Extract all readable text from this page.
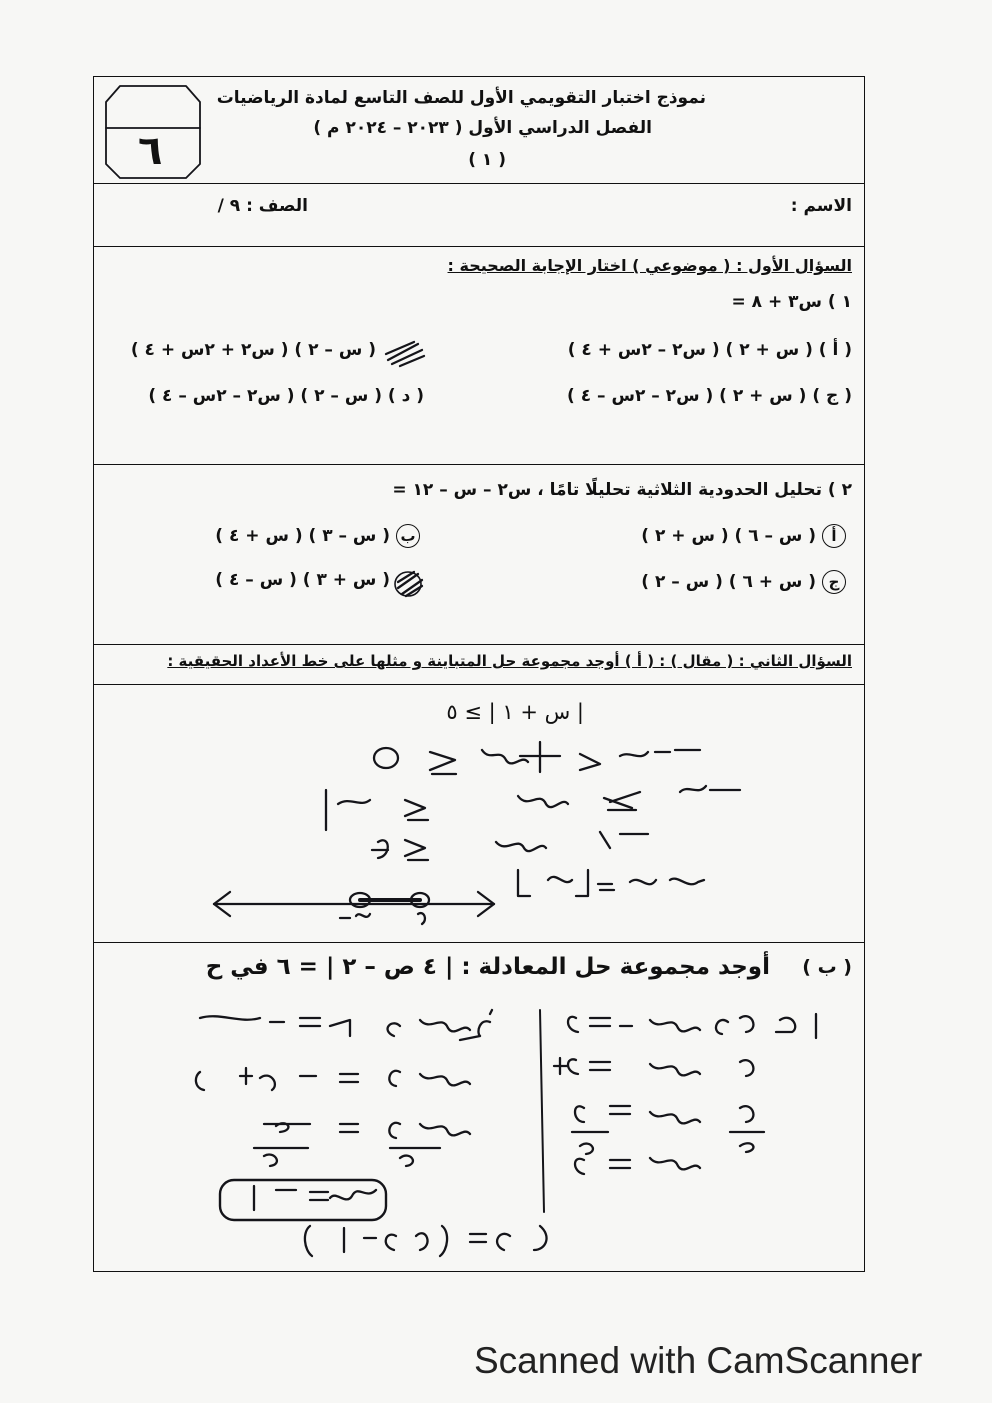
٦
نموذج اختبار التقويمي الأول للصف التاسع لمادة الرياضيات
الفصل الدراسي الأول ( ٢٠٢٣ – ٢٠٢٤ م )
( ١ )
الاسم :
الصف : ٩ /
السؤال الأول : ( موضوعي ) اختار الإجابة الصحيحة :
١ ) س٣ + ٨ =
( أ ) ( س + ٢ ) ( س٢ – ٢س + ٤ )
( س – ٢ ) ( س٢ + ٢س + ٤ )
( ج ) ( س + ٢ ) ( س٢ – ٢س – ٤ )
( د ) ( س – ٢ ) ( س٢ – ٢س – ٤ )
٢ ) تحليل الحدودية الثلاثية تحليلًا تامًا ، س٢ – س – ١٢ =
أ ( س – ٦ ) ( س + ٢ )
ب ( س – ٣ ) ( س + ٤ )
ج ( س + ٦ ) ( س – ٢ )
( س + ٣ ) ( س – ٤ )
السؤال الثاني : ( مقال ) : ( أ ) أوجد مجموعة حل المتباينة و مثلها على خط الأعداد الحقيقية :
| س + ١ | ≥ ٥
( ب )
أوجد مجموعة حل المعادلة : | ٤ ص – ٢ | = ٦ في ح
Scanned with CamScanner
